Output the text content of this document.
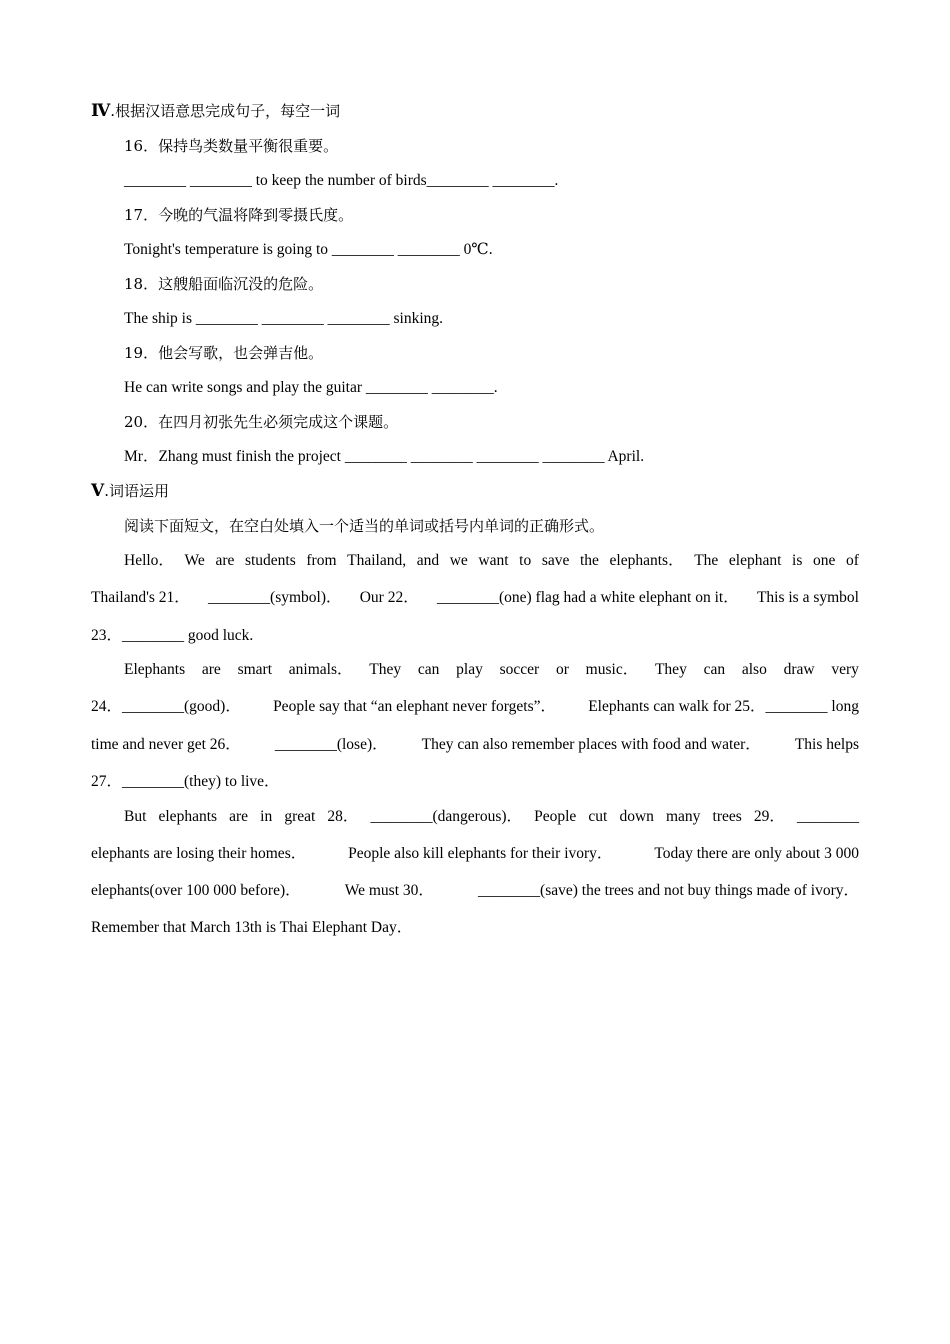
Ⅳ.根据汉语意思完成句子，每空一词
16．保持鸟类数量平衡很重要。
________ ________ to keep the number of birds________ ________.
17．今晚的气温将降到零摄氏度。
Tonight's temperature is going to ________ ________ 0℃.
18．这艘船面临沉没的危险。
The ship is ________ ________ ________ sinking.
19．他会写歌，也会弹吉他。
He can write songs and play the guitar ________ ________.
20．在四月初张先生必须完成这个课题。
Mr．Zhang must finish the project ________ ________ ________ ________ April.
Ⅴ.词语运用
阅读下面短文，在空白处填入一个适当的单词或括号内单词的正确形式。
Hello． We are students from Thailand, and we want to save the elephants． The elephant is one of
Thailand's 21． ________(symbol)． Our 22． ________(one) flag had a white elephant on it． This is a symbol
23．________ good luck.
Elephants are smart animals． They can play soccer or music． They can also draw very
24．________(good)． People say that “an elephant never forgets”． Elephants can walk for 25．________ long
time and never get 26． ________(lose)． They can also remember places with food and water． This helps
27．________(they) to live．
But elephants are in great 28． ________(dangerous)． People cut down many trees 29． ________
elephants are losing their homes．	People also kill elephants for their ivory．	Today there are only about 3 000
elephants(over 100 000 before)．	We must 30．	________(save) the trees and not buy things made of ivory．
Remember that March 13th is Thai Elephant Day．
